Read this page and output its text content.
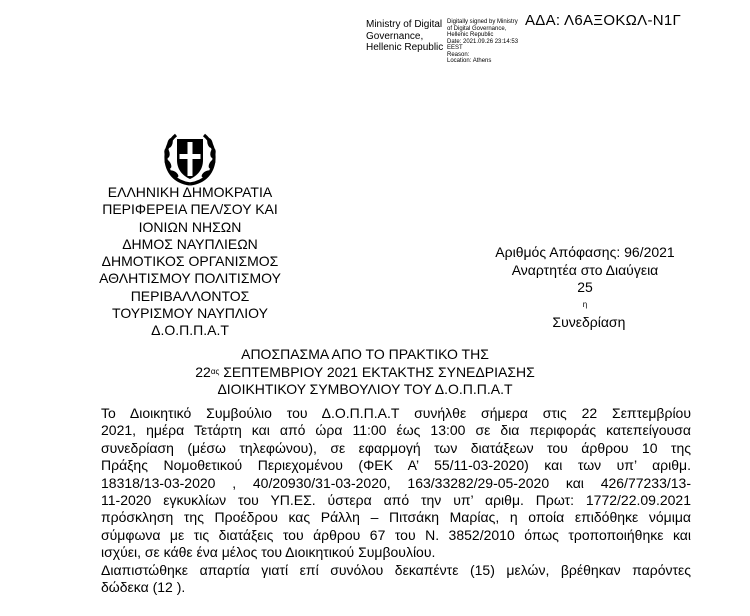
ΑΔΑ: Λ6ΑΞΟΚΩΛ-Ν1Γ
Ministry of Digital
Governance,
Hellenic Republic
Digitally signed by Ministry
of Digital Governance,
Hellenic Republic
Date: 2021.09.26 23:14:53
EEST
Reason:
Location: Athens
ΕΛΛΗΝΙΚΗ ΔΗΜΟΚΡΑΤΙΑ
ΠΕΡΙΦΕΡΕΙΑ ΠΕΛ/ΣΟΥ ΚΑΙ
ΙΟΝΙΩΝ ΝΗΣΩΝ
ΔΗΜΟΣ ΝΑΥΠΛΙΕΩΝ
ΔΗΜΟΤΙΚΟΣ ΟΡΓΑΝΙΣΜΟΣ
ΑΘΛΗΤΙΣΜΟΥ ΠΟΛΙΤΙΣΜΟΥ
ΠΕΡΙΒΑΛΛΟΝΤΟΣ
ΤΟΥΡΙΣΜΟΥ ΝΑΥΠΛΙΟΥ
Δ.Ο.Π.Π.Α.Τ
Αριθμός Απόφασης: 96/2021
Αναρτητέα στο Διαύγεια
25
$^\eta$
Συνεδρίαση
ΑΠΟΣΠΑΣΜΑ ΑΠΟ ΤΟ ΠΡΑΚΤΙΚΟ ΤΗΣ
$22^{\alpha\varsigma}$ ΣΕΠΤΕΜΒΡΙΟΥ 2021 ΕΚΤΑΚΤΗΣ ΣΥΝΕΔΡΙΑΣΗΣ
ΔΙΟΙΚΗΤΙΚΟΥ ΣΥΜΒΟΥΛΙΟΥ ΤΟΥ Δ.Ο.Π.Π.Α.Τ
Το Διοικητικό Συμβούλιο του Δ.Ο.Π.Π.Α.Τ συνήλθε σήμερα στις 22 Σεπτεμβρίου
2021, ημέρα Τετάρτη και από ώρα 11:00 έως 13:00 σε δια περιφοράς κατεπείγουσα
συνεδρίαση (μέσω τηλεφώνου), σε εφαρμογή των διατάξεων του άρθρου 10 της
Πράξης Νομοθετικού Περιεχομένου (ΦΕΚ Α’ 55/11-03-2020) και των υπ’ αριθμ.
18318/13-03-2020 , 40/20930/31-03-2020, 163/33282/29-05-2020 και 426/77233/13-
11-2020 εγκυκλίων του ΥΠ.ΕΣ. ύστερα από την υπ’ αριθμ. Πρωτ: 1772/22.09.2021
πρόσκληση της Προέδρου κας Ράλλη – Πιτσάκη Μαρίας, η οποία επιδόθηκε νόμιμα
σύμφωνα με τις διατάξεις του άρθρου 67 του Ν. 3852/2010 όπως τροποποιήθηκε και
ισχύει, σε κάθε ένα μέλος του Διοικητικού Συμβουλίου.
Διαπιστώθηκε απαρτία γιατί επί συνόλου δεκαπέντε (15) μελών, βρέθηκαν παρόντες
δώδεκα (12 ).
